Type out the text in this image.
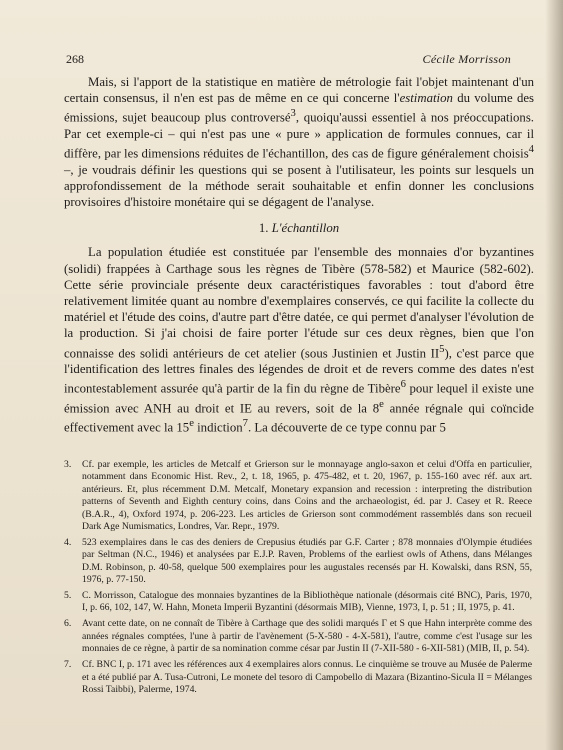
268	Cécile Morrisson

Mais, si l'apport de la statistique en matière de métrologie fait l'objet maintenant d'un certain consensus, il n'en est pas de même en ce qui concerne l'estimation du volume des émissions, sujet beaucoup plus controversé$^3$, quoiqu'aussi essentiel à nos préoccupations. Par cet exemple-ci – qui n'est pas une « pure » application de formules connues, car il diffère, par les dimensions réduites de l'échantillon, des cas de figure généralement choisis$^4$ –, je voudrais définir les questions qui se posent à l'utilisateur, les points sur lesquels un approfondissement de la méthode serait souhaitable et enfin donner les conclusions provisoires d'histoire monétaire qui se dégagent de l'analyse.

1. L'échantillon

La population étudiée est constituée par l'ensemble des monnaies d'or byzantines (solidi) frappées à Carthage sous les règnes de Tibère (578-582) et Maurice (582-602). Cette série provinciale présente deux caractéristiques favorables : tout d'abord être relativement limitée quant au nombre d'exemplaires conservés, ce qui facilite la collecte du matériel et l'étude des coins, d'autre part d'être datée, ce qui permet d'analyser l'évolution de la production. Si j'ai choisi de faire porter l'étude sur ces deux règnes, bien que l'on connaisse des solidi antérieurs de cet atelier (sous Justinien et Justin $II^5$), c'est parce que l'identification des lettres finales des légendes de droit et de revers comme des dates n'est incontestablement assurée qu'à partir de la fin du règne de Tibère$^6$ pour lequel il existe une émission avec ANH au droit et IE au revers, soit de la 8e année régnale qui coïncide effectivement avec la 15e indiction$^7$. La découverte de ce type connu par 5

3.	Cf. par exemple, les articles de Metcalf et Grierson sur le monnayage anglo-saxon et celui d'Offa en particulier, notamment dans Economic Hist. Rev., 2, t. 18, 1965, p. 475-482, et t. 20, 1967, p. 155-160 avec réf. aux art. antérieurs. Et, plus récemment D.M. Metcalf, Monetary expansion and recession : interpreting the distribution patterns of Seventh and Eighth century coins, dans Coins and the archaeologist, éd. par J. Casey et R. Reece (B.A.R., 4), Oxford 1974, p. 206-223. Les articles de Grierson sont commodément rassemblés dans son recueil Dark Age Numismatics, Londres, Var. Repr., 1979.
4.	523 exemplaires dans le cas des deniers de Crepusius étudiés par G.F. Carter ; 878 monnaies d'Olympie étudiées par Seltman (N.C., 1946) et analysées par E.J.P. Raven, Problems of the earliest owls of Athens, dans Mélanges D.M. Robinson, p. 40-58, quelque 500 exemplaires pour les augustales recensés par H. Kowalski, dans RSN, 55, 1976, p. 77-150.
5.	C. Morrisson, Catalogue des monnaies byzantines de la Bibliothèque nationale (désormais cité BNC), Paris, 1970, I, p. 66, 102, 147, W. Hahn, Moneta Imperii Byzantini (désormais MIB), Vienne, 1973, I, p. 51 ; II, 1975, p. 41.
6.	Avant cette date, on ne connaît de Tibère à Carthage que des solidi marqués Γ et S que Hahn interprète comme des années régnales comptées, l'une à partir de l'avènement (5-X-580 - 4-X-581), l'autre, comme c'est l'usage sur les monnaies de ce règne, à partir de sa nomination comme césar par Justin II (7-XII-580 - 6-XII-581) (MIB, II, p. 54).
7.	Cf. BNC I, p. 171 avec les références aux 4 exemplaires alors connus. Le cinquième se trouve au Musée de Palerme et a été publié par A. Tusa-Cutroni, Le monete del tesoro di Campobello di Mazara (Bizantino-Sicula II = Mélanges Rossi Taibbi), Palerme, 1974.
